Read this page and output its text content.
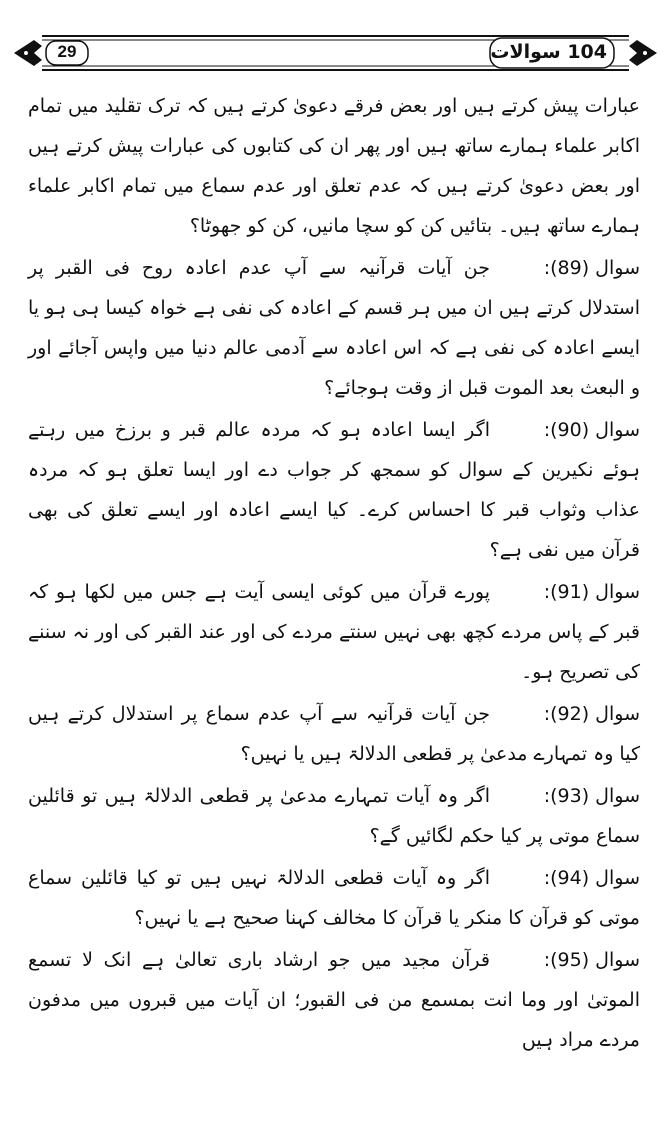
29	104 سوالات

عبارات پیش کرتے ہیں اور بعض فرقے دعویٰ کرتے ہیں کہ ترک تقلید میں تمام اکابر علماء ہمارے ساتھ ہیں اور پھر ان کی کتابوں کی عبارات پیش کرتے ہیں اور بعض دعویٰ کرتے ہیں کہ عدم تعلق اور عدم سماع میں تمام اکابر علماء ہمارے ساتھ ہیں۔ بتائیں کن کو سچا مانیں، کن کو جھوٹا؟

سوال (89):جن آیات قرآنیہ سے آپ عدم اعادہ روح فی القبر پر استدلال کرتے ہیں ان میں ہر قسم کے اعادہ کی نفی ہے خواہ کیسا ہی ہو یا ایسے اعادہ کی نفی ہے کہ اس اعادہ سے آدمی عالم دنیا میں واپس آجائے اور و البعث بعد الموت قبل از وقت ہوجائے؟

سوال (90):اگر ایسا اعادہ ہو کہ مردہ عالم قبر و برزخ میں رہتے ہوئے نکیرین کے سوال کو سمجھ کر جواب دے اور ایسا تعلق ہو کہ مردہ عذاب وثواب قبر کا احساس کرے۔ کیا ایسے اعادہ اور ایسے تعلق کی بھی قرآن میں نفی ہے؟

سوال (91):پورے قرآن میں کوئی ایسی آیت ہے جس میں لکھا ہو کہ قبر کے پاس مردے کچھ بھی نہیں سنتے مردے کی اور عند القبر کی اور نہ سننے کی تصریح ہو۔

سوال (92):جن آیات قرآنیہ سے آپ عدم سماع پر استدلال کرتے ہیں کیا وہ تمہارے مدعیٰ پر قطعی الدلالۃ ہیں یا نہیں؟

سوال (93):اگر وہ آیات تمہارے مدعیٰ پر قطعی الدلالۃ ہیں تو قائلین سماع موتی پر کیا حکم لگائیں گے؟

سوال (94):اگر وہ آیات قطعی الدلالۃ نہیں ہیں تو کیا قائلین سماع موتی کو قرآن کا منکر یا قرآن کا مخالف کہنا صحیح ہے یا نہیں؟

سوال (95):قرآن مجید میں جو ارشاد باری تعالیٰ ہے انک لا تسمع الموتیٰ اور وما انت بمسمع من فی القبور؛ ان آیات میں قبروں میں مدفون مردے مراد ہیں
